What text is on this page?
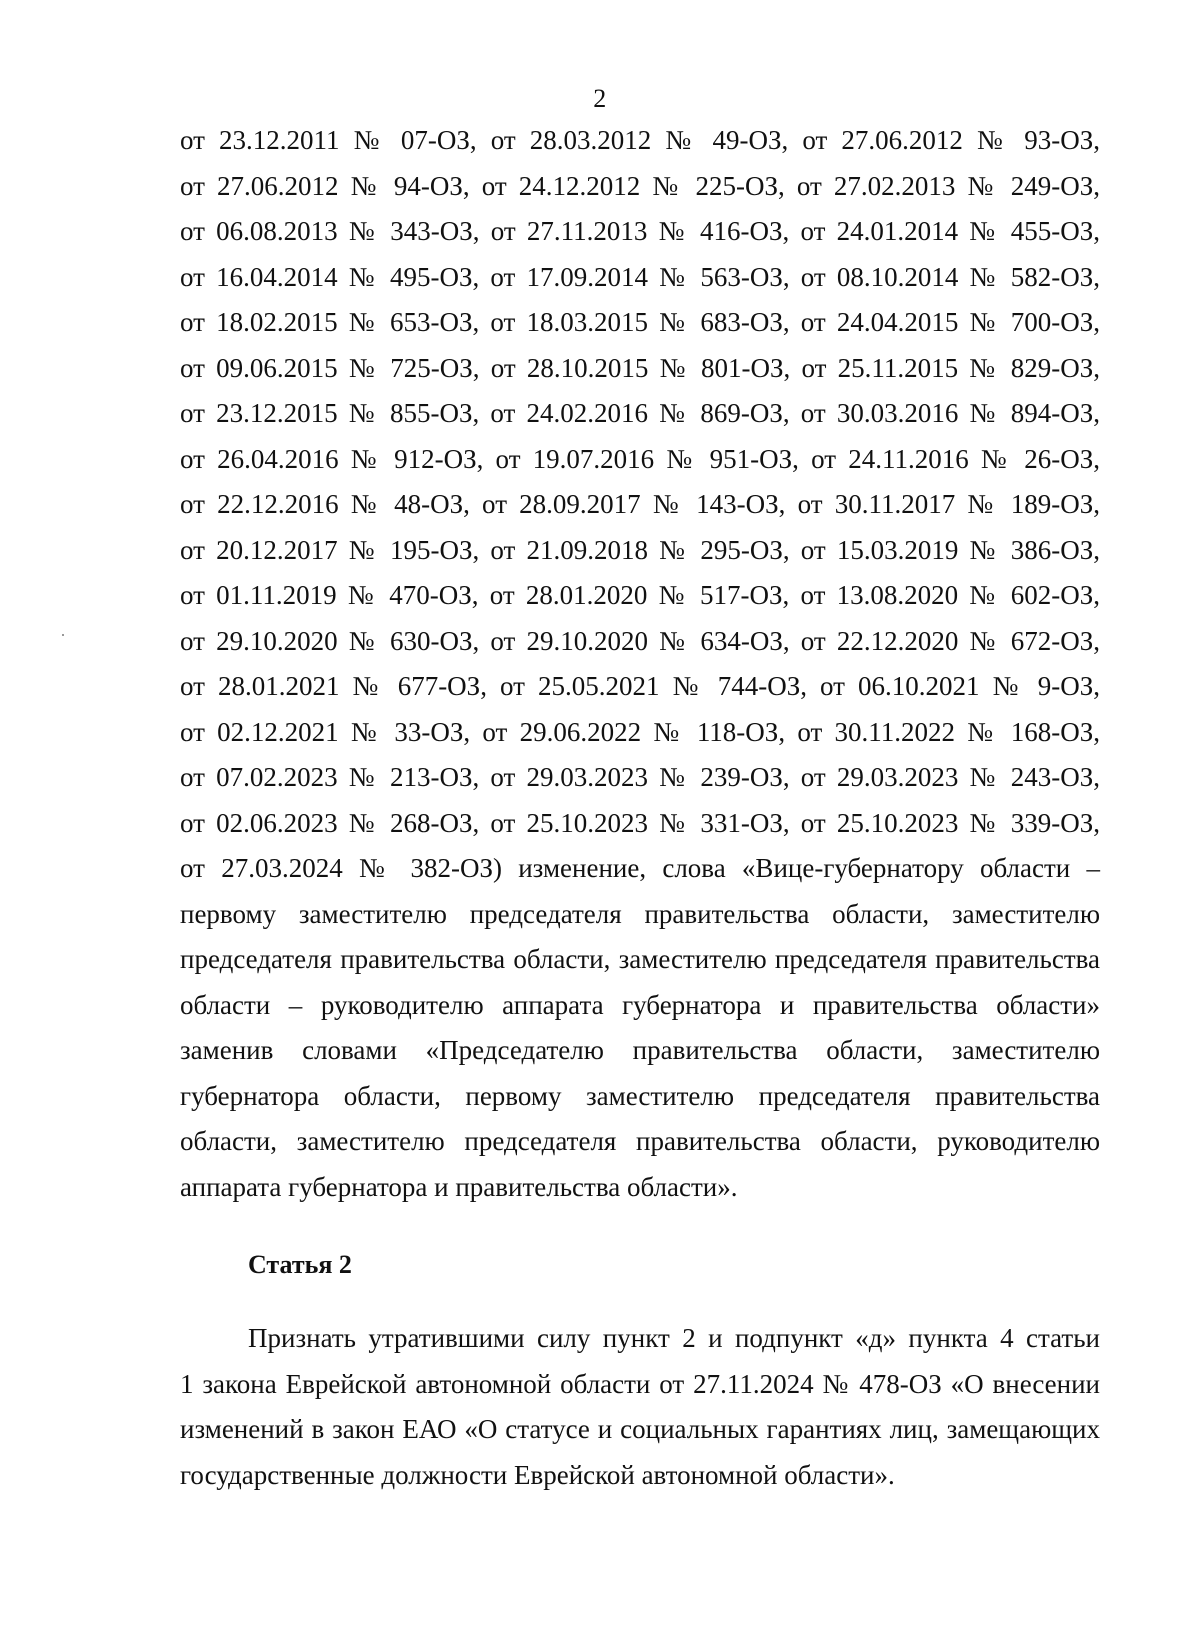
2
от 23.12.2011 № 07-ОЗ, от 28.03.2012 № 49-ОЗ, от 27.06.2012 № 93-ОЗ,
от 27.06.2012 № 94-ОЗ, от 24.12.2012 № 225-ОЗ, от 27.02.2013 № 249-ОЗ,
от 06.08.2013 № 343-ОЗ, от 27.11.2013 № 416-ОЗ, от 24.01.2014 № 455-ОЗ,
от 16.04.2014 № 495-ОЗ, от 17.09.2014 № 563-ОЗ, от 08.10.2014 № 582-ОЗ,
от 18.02.2015 № 653-ОЗ, от 18.03.2015 № 683-ОЗ, от 24.04.2015 № 700-ОЗ,
от 09.06.2015 № 725-ОЗ, от 28.10.2015 № 801-ОЗ, от 25.11.2015 № 829-ОЗ,
от 23.12.2015 № 855-ОЗ, от 24.02.2016 № 869-ОЗ, от 30.03.2016 № 894-ОЗ,
от 26.04.2016 № 912-ОЗ, от 19.07.2016 № 951-ОЗ, от 24.11.2016 № 26-ОЗ,
от 22.12.2016 № 48-ОЗ, от 28.09.2017 № 143-ОЗ, от 30.11.2017 № 189-ОЗ,
от 20.12.2017 № 195-ОЗ, от 21.09.2018 № 295-ОЗ, от 15.03.2019 № 386-ОЗ,
от 01.11.2019 № 470-ОЗ, от 28.01.2020 № 517-ОЗ, от 13.08.2020 № 602-ОЗ,
от 29.10.2020 № 630-ОЗ, от 29.10.2020 № 634-ОЗ, от 22.12.2020 № 672-ОЗ,
от 28.01.2021 № 677-ОЗ, от 25.05.2021 № 744-ОЗ, от 06.10.2021 № 9-ОЗ,
от 02.12.2021 № 33-ОЗ, от 29.06.2022 № 118-ОЗ, от 30.11.2022 № 168-ОЗ,
от 07.02.2023 № 213-ОЗ, от 29.03.2023 № 239-ОЗ, от 29.03.2023 № 243-ОЗ,
от 02.06.2023 № 268-ОЗ, от 25.10.2023 № 331-ОЗ, от 25.10.2023 № 339-ОЗ,
от 27.03.2024 № 382-ОЗ) изменение, слова «Вице-губернатору области –
первому заместителю председателя правительства области, заместителю
председателя правительства области, заместителю председателя правительства
области – руководителю аппарата губернатора и правительства области»
заменив словами «Председателю правительства области, заместителю
губернатора области, первому заместителю председателя правительства
области, заместителю председателя правительства области, руководителю
аппарата губернатора и правительства области».
Статья 2
Признать утратившими силу пункт 2 и подпункт «д» пункта 4 статьи
1 закона Еврейской автономной области от 27.11.2024 № 478-ОЗ «О внесении
изменений в закон ЕАО «О статусе и социальных гарантиях лиц, замещающих
государственные должности Еврейской автономной области».
